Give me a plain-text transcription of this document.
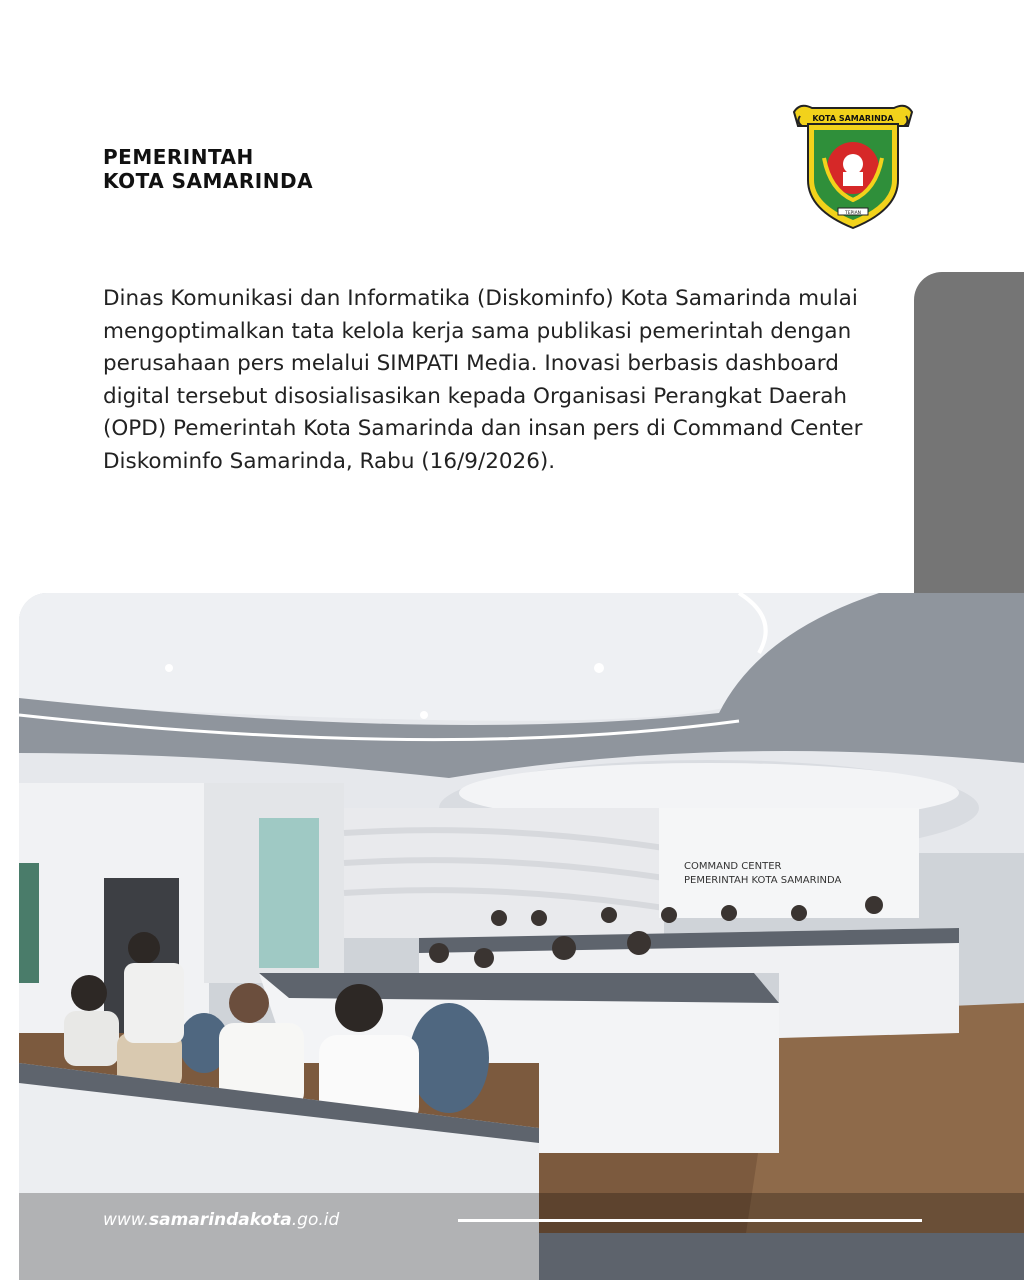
PEMERINTAH
KOTA SAMARINDA
KOTA SAMARINDA
TEPIAN
Dinas Komunikasi dan Informatika (Diskominfo) Kota Samarinda mulai mengoptimalkan tata kelola kerja sama publikasi pemerintah dengan perusahaan pers melalui SIMPATI Media. Inovasi berbasis dashboard digital tersebut disosialisasikan kepada Organisasi Perangkat Daerah (OPD) Pemerintah Kota Samarinda dan insan pers di Command Center Diskominfo Samarinda, Rabu (16/9/2026).
COMMAND CENTER
PEMERINTAH KOTA SAMARINDA
www.samarindakota.go.id
